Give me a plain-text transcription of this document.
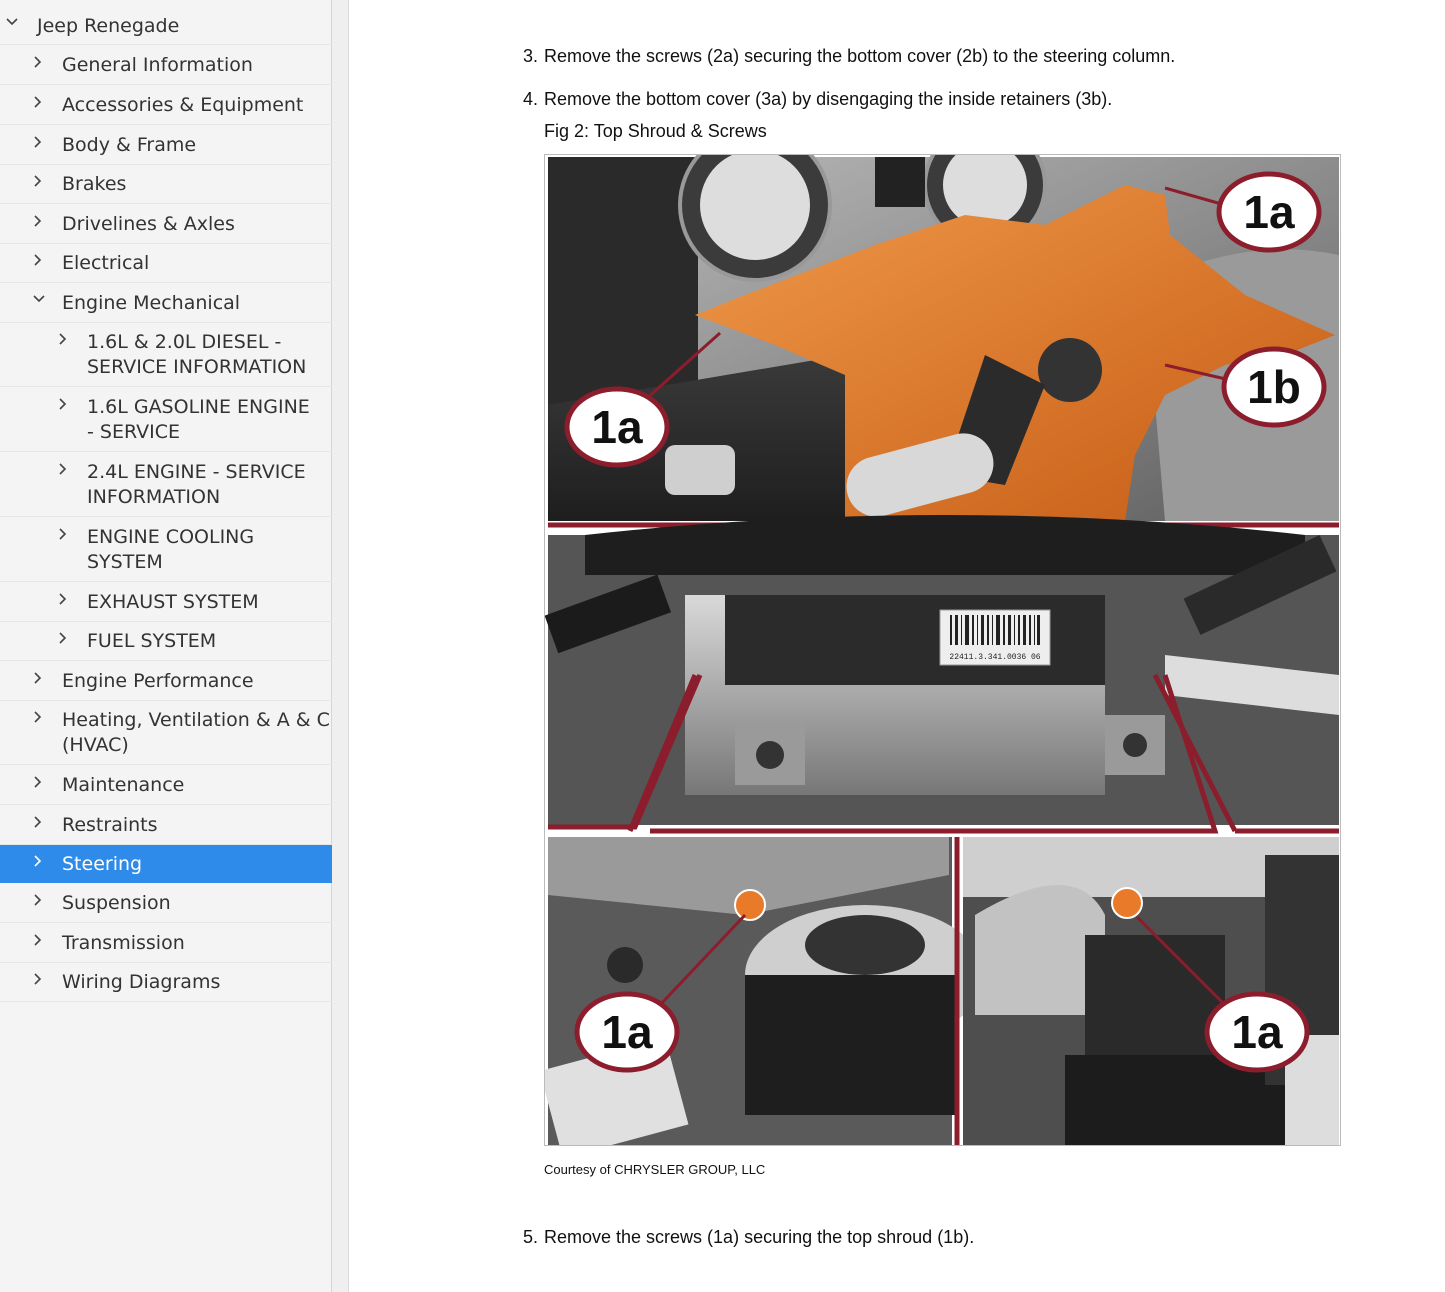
Jeep Renegade
General Information
Accessories & Equipment
Body & Frame
Brakes
Drivelines & Axles
Electrical
Engine Mechanical
1.6L & 2.0L DIESEL -
SERVICE INFORMATION
1.6L GASOLINE ENGINE
- SERVICE
2.4L ENGINE - SERVICE
INFORMATION
ENGINE COOLING
SYSTEM
EXHAUST SYSTEM
FUEL SYSTEM
Engine Performance
Heating, Ventilation & A & C
(HVAC)
Maintenance
Restraints
Steering
Suspension
Transmission
Wiring Diagrams
3. Remove the screws (2a) securing the bottom cover (2b) to the steering column.
4. Remove the bottom cover (3a) by disengaging the inside retainers (3b).
Fig 2: Top Shroud & Screws
22411.3.341.0036 06
1a
1a
1b
1a	1a
Courtesy of CHRYSLER GROUP, LLC
5. Remove the screws (1a) securing the top shroud (1b).
